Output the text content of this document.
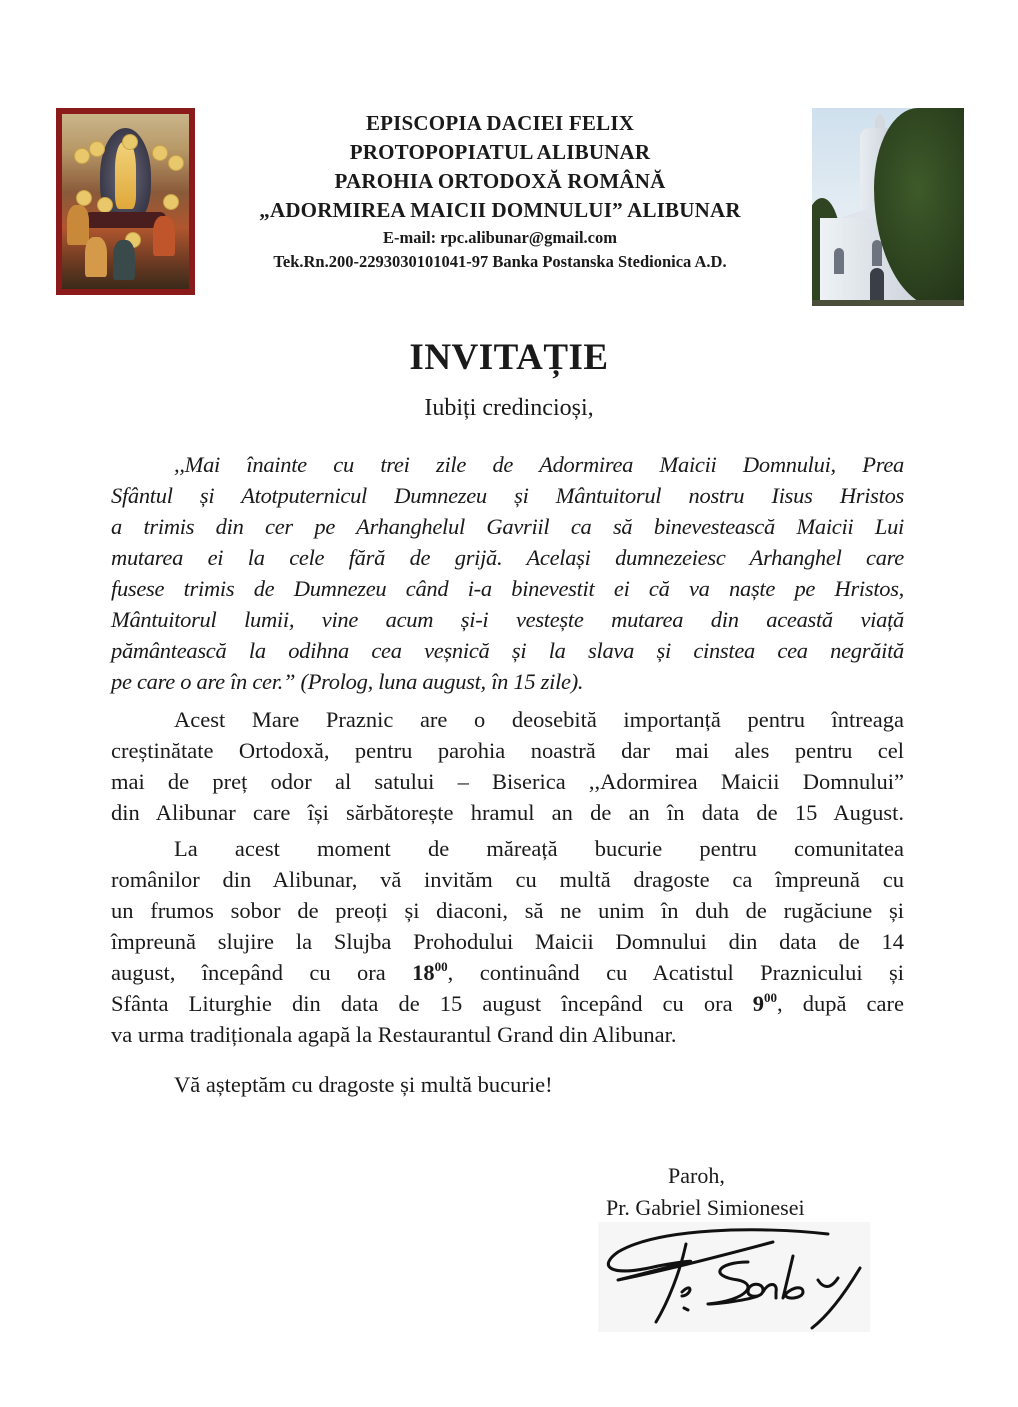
EPISCOPIA DACIEI FELIX
PROTOPOPIATUL ALIBUNAR
PAROHIA ORTODOXĂ ROMÂNĂ
„ADORMIREA MAICII DOMNULUI” ALIBUNAR
E-mail: rpc.alibunar@gmail.com
Tek.Rn.200-2293030101041-97 Banka Postanska Stedionica A.D.
INVITAȚIE
Iubiți credincioși,
,,Mai înainte cu trei zile de Adormirea Maicii Domnului, Prea
Sfântul și Atotputernicul Dumnezeu și Mântuitorul nostru Iisus Hristos
a trimis din cer pe Arhanghelul Gavriil ca să binevestească Maicii Lui
mutarea ei la cele fără de grijă. Același dumnezeiesc Arhanghel care
fusese trimis de Dumnezeu când i-a binevestit ei că va naște pe Hristos,
Mântuitorul lumii, vine acum și-i vestește mutarea din această viață
pământească la odihna cea veșnică și la slava și cinstea cea negrăită
pe care o are în cer.” (Prolog, luna august, în 15 zile).
Acest Mare Praznic are o deosebită importanță pentru întreaga
creștinătate Ortodoxă, pentru parohia noastră dar mai ales pentru cel
mai de preț odor al satului – Biserica ,,Adormirea Maicii Domnului”
din Alibunar care își sărbătorește hramul an de an în data de 15 August.
La acest moment de măreață bucurie pentru comunitatea
românilor din Alibunar, vă invităm cu multă dragoste ca împreună cu
un frumos sobor de preoți și diaconi, să ne unim în duh de rugăciune și
împreună slujire la Slujba Prohodului Maicii Domnului din data de 14
august, începând cu ora $18^{00}$, continuând cu Acatistul Praznicului și
Sfânta Liturghie din data de 15 august începând cu ora $9^{00}$, după care
va urma tradiționala agapă la Restaurantul Grand din Alibunar.
Vă așteptăm cu dragoste și multă bucurie!
Paroh,
Pr. Gabriel Simionesei
